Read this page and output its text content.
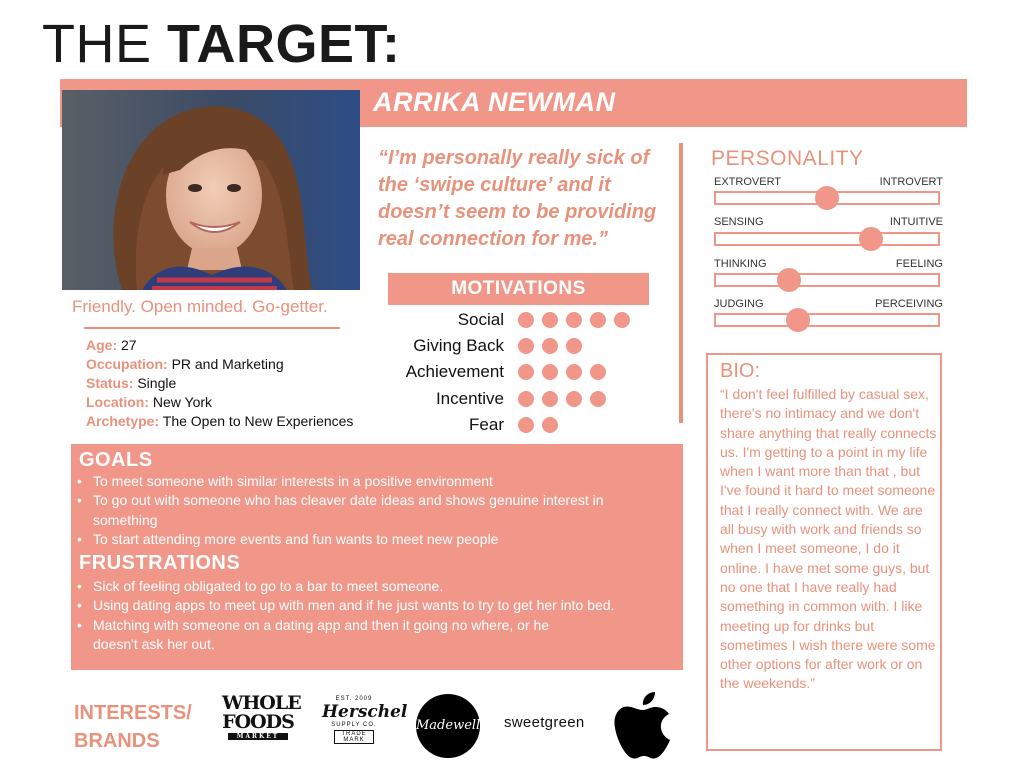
THE TARGET:
ARRIKA NEWMAN
Friendly. Open minded. Go-getter.
Age: 27
Occupation: PR and Marketing
Status: Single
Location: New York
Archetype: The Open to New Experiences
“I’m personally really sick of the ‘swipe culture’ and it doesn’t seem to be providing real connection for me.”
MOTIVATIONS
Social
Giving Back
Achievement
Incentive
Fear
PERSONALITY
EXTROVERT	INTROVERT
SENSING	INTUITIVE
THINKING	FEELING
JUDGING	PERCEIVING
BIO:
“I don't feel fulfilled by casual sex, there's no intimacy and we don't share anything that really connects us. I'm getting to a point in my life when I want more than that , but I've found it hard to meet someone that I really connect with. We are all busy with work and friends so when I meet someone, I do it online. I have met some guys, but no one that I have really had something in common with. I like meeting up for drinks but sometimes I wish there were some other options for after work or on the weekends.”
GOALS
• To meet someone with similar interests in a positive environment
• To go out with someone who has cleaver date ideas and shows genuine interest in something
• To start attending more events and fun wants to meet new people
FRUSTRATIONS
• Sick of feeling obligated to go to a bar to meet someone.
• Using dating apps to meet up with men and if he just wants to try to get her into bed.
• Matching with someone on a dating app and then it going no where, or he doesn't ask her out.
INTERESTS/
BRANDS
WHOLE
FOODS
MARKET
EST. 2009
Herschel
SUPPLY CO.
TRADE MARK
Madewell sweetgreen
